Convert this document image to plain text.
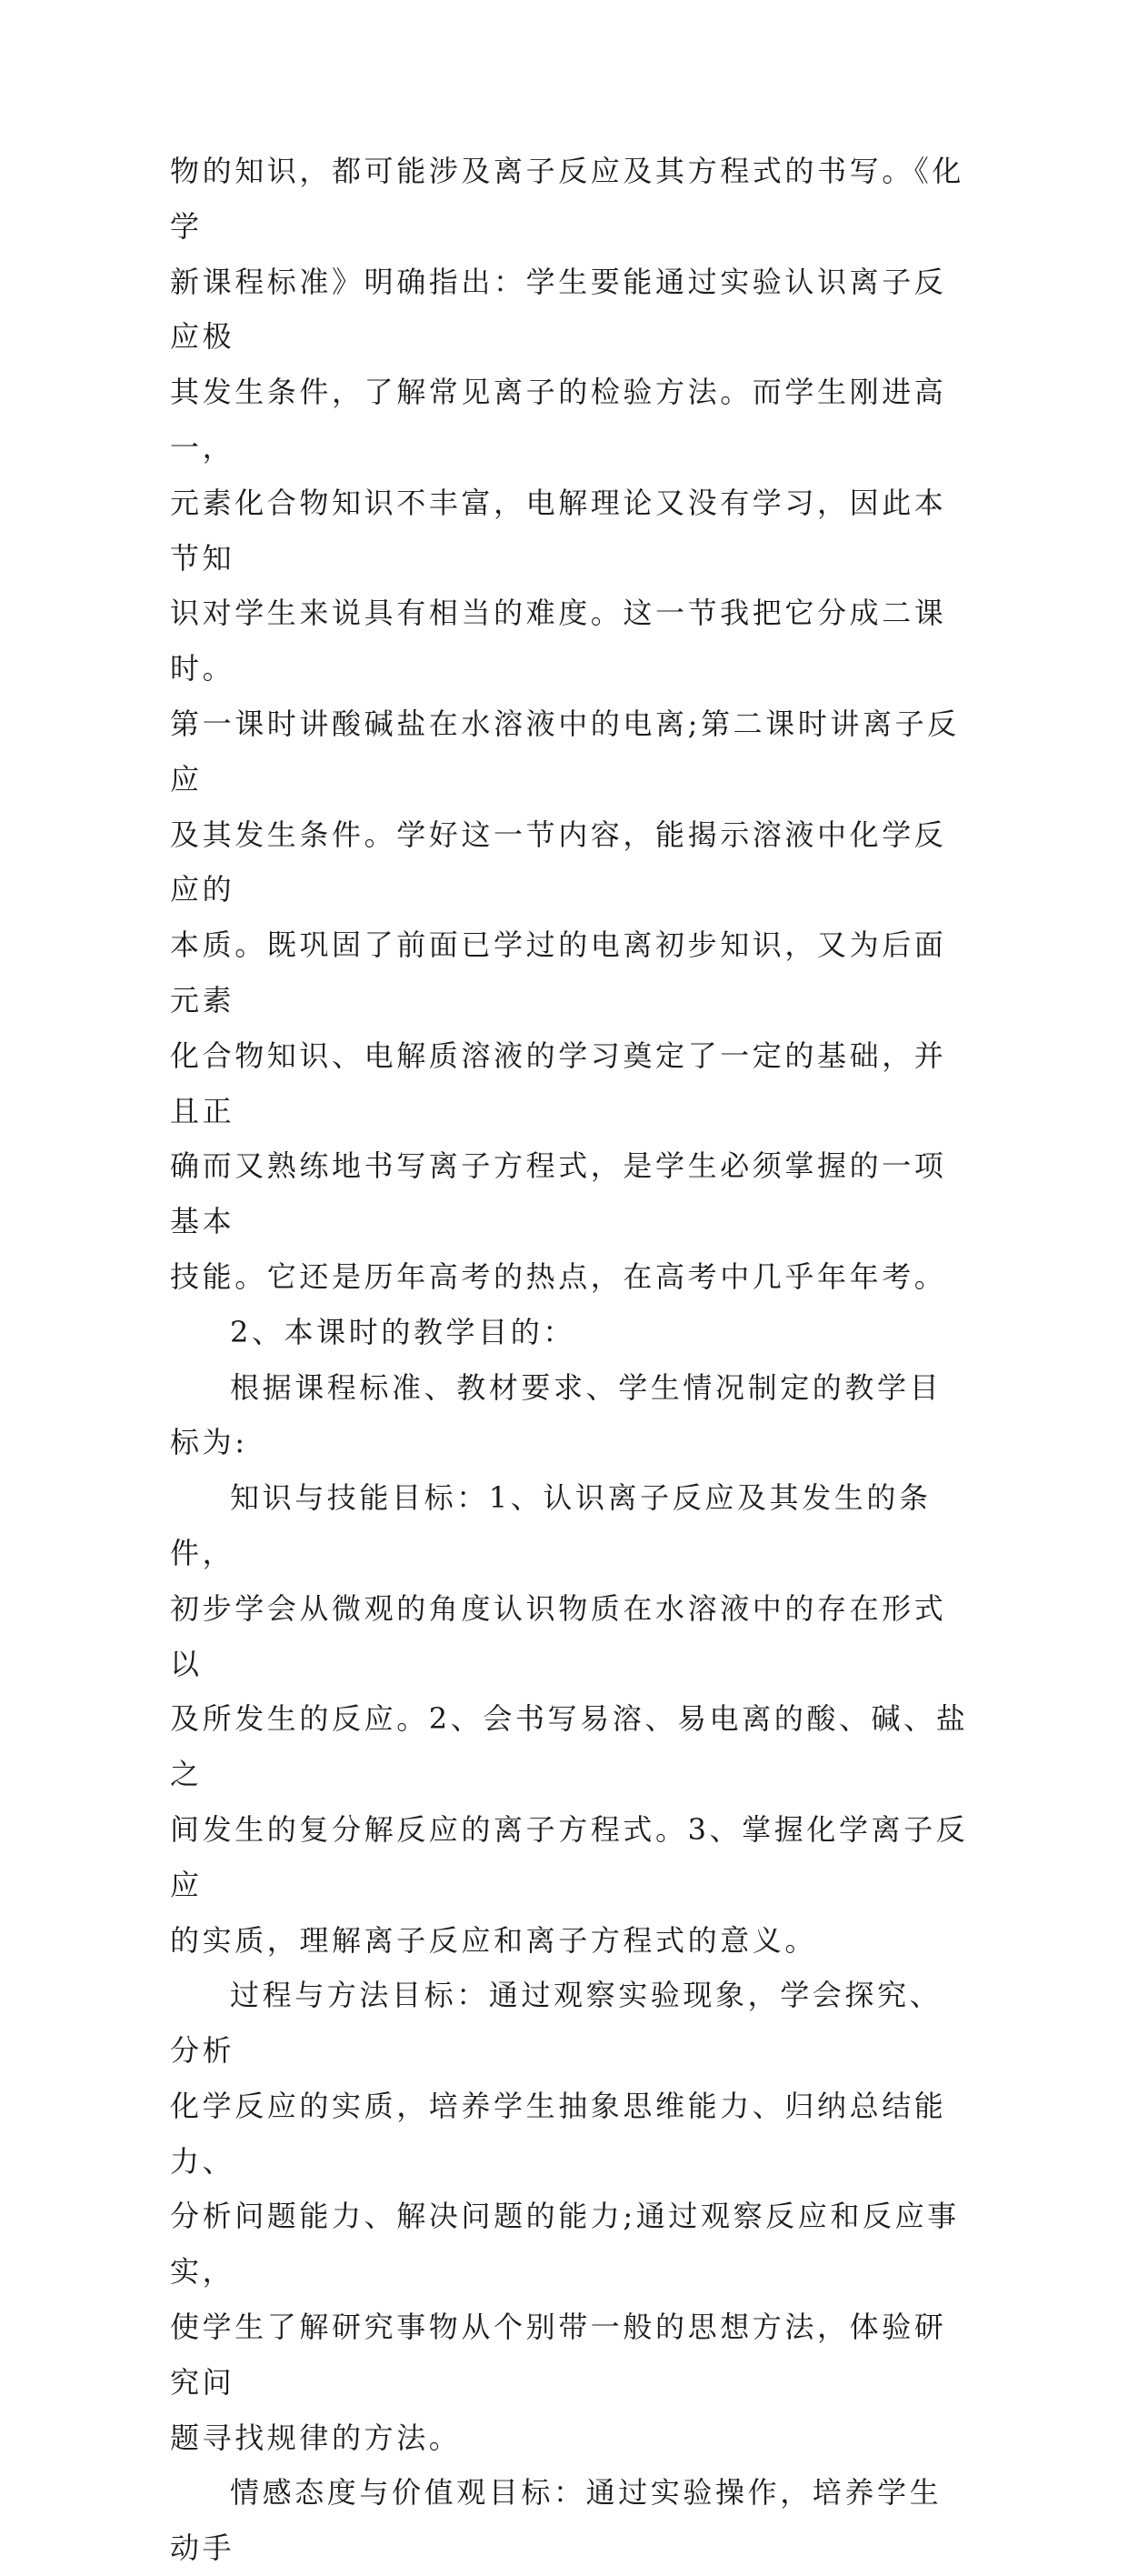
物的知识，都可能涉及离子反应及其方程式的书写。《化学
新课程标准》明确指出：学生要能通过实验认识离子反应极
其发生条件，了解常见离子的检验方法。而学生刚进高一，
元素化合物知识不丰富，电解理论又没有学习，因此本节知
识对学生来说具有相当的难度。这一节我把它分成二课时。
第一课时讲酸碱盐在水溶液中的电离;第二课时讲离子反应
及其发生条件。学好这一节内容，能揭示溶液中化学反应的
本质。既巩固了前面已学过的电离初步知识，又为后面元素
化合物知识、电解质溶液的学习奠定了一定的基础，并且正
确而又熟练地书写离子方程式，是学生必须掌握的一项基本
技能。它还是历年高考的热点，在高考中几乎年年考。

2、本课时的教学目的：

根据课程标准、教材要求、学生情况制定的教学目标为:

知识与技能目标：1、认识离子反应及其发生的条件，
初步学会从微观的角度认识物质在水溶液中的存在形式以
及所发生的反应。2、会书写易溶、易电离的酸、碱、盐之
间发生的复分解反应的离子方程式。3、掌握化学离子反应
的实质，理解离子反应和离子方程式的意义。

过程与方法目标：通过观察实验现象，学会探究、分析
化学反应的实质，培养学生抽象思维能力、归纳总结能力、
分析问题能力、解决问题的能力;通过观察反应和反应事实，
使学生了解研究事物从个别带一般的思想方法，体验研究问
题寻找规律的方法。

情感态度与价值观目标：通过实验操作，培养学生动手
